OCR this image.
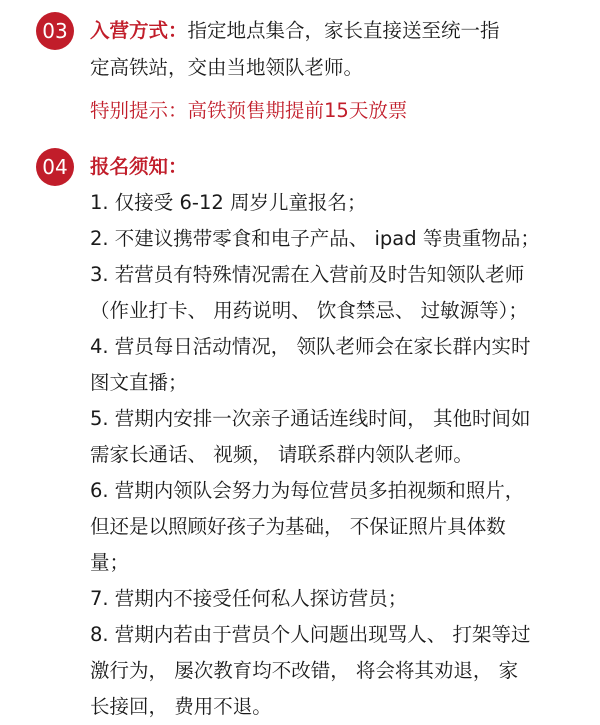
03	入营方式：指定地点集合，家长直接送至统一指
定高铁站，交由当地领队老师。
特别提示：高铁预售期提前15天放票
04	报名须知：
1. 仅接受 6-12 周岁儿童报名；
2. 不建议携带零食和电子产品、 ipad 等贵重物品；
3. 若营员有特殊情况需在入营前及时告知领队老师
（作业打卡、 用药说明、 饮食禁忌、 过敏源等）；
4. 营员每日活动情况， 领队老师会在家长群内实时
图文直播；
5. 营期内安排一次亲子通话连线时间， 其他时间如
需家长通话、 视频， 请联系群内领队老师。
6. 营期内领队会努力为每位营员多拍视频和照片，
但还是以照顾好孩子为基础， 不保证照片具体数
量；
7. 营期内不接受任何私人探访营员；
8. 营期内若由于营员个人问题出现骂人、 打架等过
激行为， 屡次教育均不改错， 将会将其劝退， 家
长接回， 费用不退。
